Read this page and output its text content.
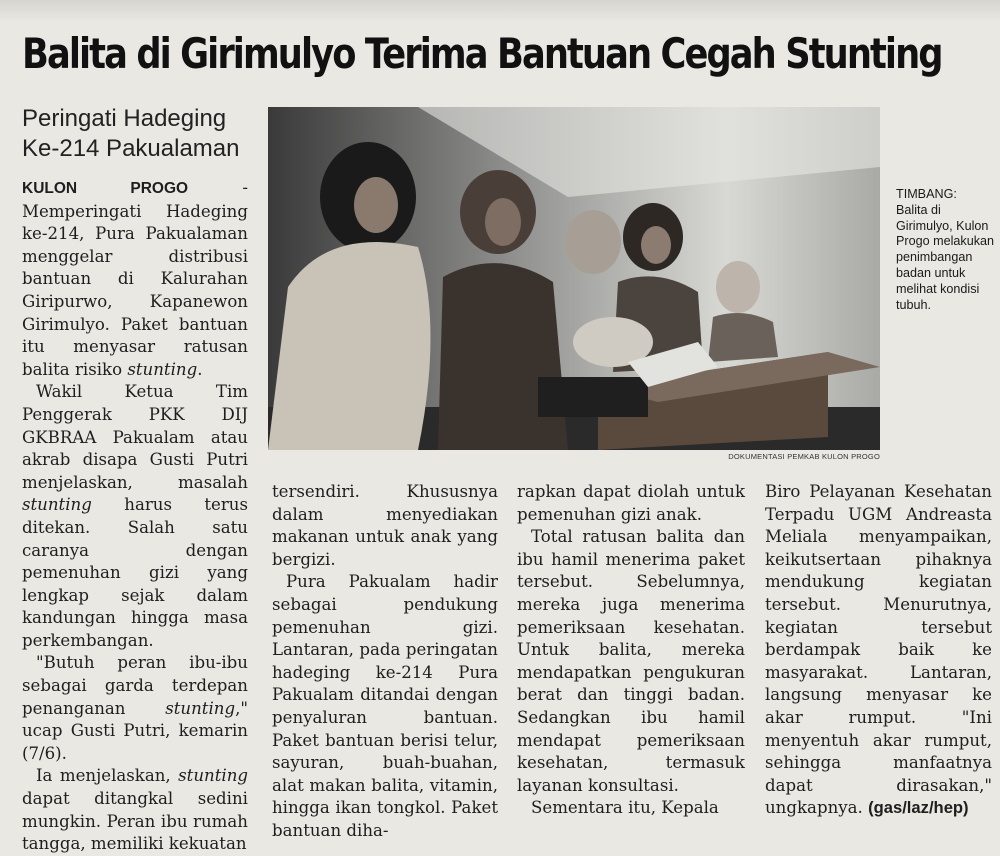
Balita di Girimulyo Terima Bantuan Cegah Stunting
Peringati Hadeging Ke-214 Pakualaman
DOKUMENTASI PEMKAB KULON PROGO
TIMBANG:
Balita di Girimulyo, Kulon Progo melakukan penimbangan badan untuk melihat kondisi tubuh.

KULON PROGO - Memperingati Hadeging ke-214, Pura Pakualaman menggelar distribusi bantuan di Kalurahan Giripurwo, Kapanewon Girimulyo. Paket bantuan itu menyasar ratusan balita risiko stunting.

Wakil Ketua Tim Penggerak PKK DIJ GKBRAA Pakualam atau akrab disapa Gusti Putri menjelaskan, masalah stunting harus terus ditekan. Salah satu caranya dengan pemenuhan gizi yang lengkap sejak dalam kandungan hingga masa perkembangan.

"Butuh peran ibu-ibu sebagai garda terdepan penanganan stunting," ucap Gusti Putri, kemarin (7/6).

Ia menjelaskan, stunting dapat ditangkal sedini mungkin. Peran ibu rumah tangga, memiliki kekuatan

tersendiri. Khususnya dalam menyediakan makanan untuk anak yang bergizi.

Pura Pakualam hadir sebagai pendukung pemenuhan gizi. Lantaran, pada peringatan hadeging ke-214 Pura Pakualam ditandai dengan penyaluran bantuan. Paket bantuan berisi telur, sayuran, buah-buahan, alat makan balita, vitamin, hingga ikan tongkol. Paket bantuan diha-

rapkan dapat diolah untuk pemenuhan gizi anak.

Total ratusan balita dan ibu hamil menerima paket tersebut. Sebelumnya, mereka juga menerima pemeriksaan kesehatan. Untuk balita, mereka mendapatkan pengukuran berat dan tinggi badan. Sedangkan ibu hamil mendapat pemeriksaan kesehatan, termasuk layanan konsultasi.

Sementara itu, Kepala

Biro Pelayanan Kesehatan Terpadu UGM Andreasta Meliala menyampaikan, keikutsertaan pihaknya mendukung kegiatan tersebut. Menurutnya, kegiatan tersebut berdampak baik ke masyarakat. Lantaran, langsung menyasar ke akar rumput. "Ini menyentuh akar rumput, sehingga manfaatnya dapat dirasakan," ungkapnya. (gas/laz/hep)
